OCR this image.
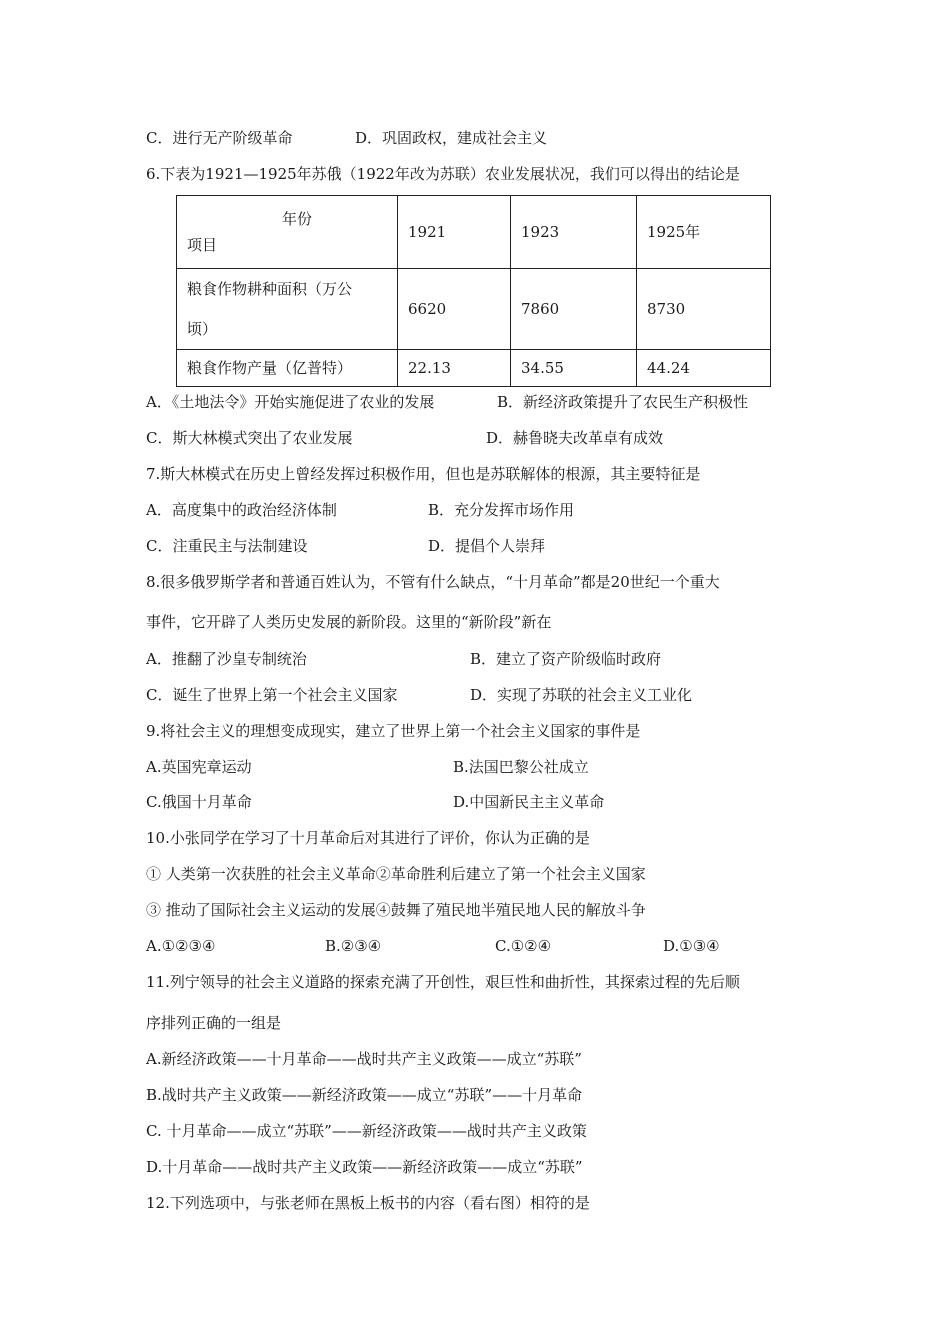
C．进行无产阶级革命	D．巩固政权，建成社会主义
6.下表为1921—1925年苏俄（1922年改为苏联）农业发展状况，我们可以得出的结论是
年份
项目	1921	1923	1925年

粮食作物耕种面积（万公
顷）	6620	7860	8730
粮食作物产量（亿普特）	22.13	34.55	44.24
A．《土地法令》开始实施促进了农业的发展	B．新经济政策提升了农民生产积极性
C．斯大林模式突出了农业发展	D．赫鲁晓夫改革卓有成效
7.斯大林模式在历史上曾经发挥过积极作用，但也是苏联解体的根源，其主要特征是
A．高度集中的政治经济体制	B．充分发挥市场作用
C．注重民主与法制建设	D．提倡个人崇拜
8.很多俄罗斯学者和普通百姓认为，不管有什么缺点，“十月革命”都是20世纪一个重大
事件，它开辟了人类历史发展的新阶段。这里的“新阶段”新在
A．推翻了沙皇专制统治	B．建立了资产阶级临时政府
C．诞生了世界上第一个社会主义国家	D．实现了苏联的社会主义工业化
9.将社会主义的理想变成现实，建立了世界上第一个社会主义国家的事件是
A.英国宪章运动	B.法国巴黎公社成立
C.俄国十月革命	D.中国新民主主义革命
10.小张同学在学习了十月革命后对其进行了评价，你认为正确的是
① 人类第一次获胜的社会主义革命②革命胜利后建立了第一个社会主义国家
③ 推动了国际社会主义运动的发展④鼓舞了殖民地半殖民地人民的解放斗争
A.①②③④	B.②③④	C.①②④	D.①③④
11.列宁领导的社会主义道路的探索充满了开创性，艰巨性和曲折性，其探索过程的先后顺
序排列正确的一组是
A.新经济政策——十月革命——战时共产主义政策——成立“苏联”
B.战时共产主义政策——新经济政策——成立“苏联”——十月革命
C. 十月革命——成立“苏联”——新经济政策——战时共产主义政策
D.十月革命——战时共产主义政策——新经济政策——成立“苏联”
12.下列选项中，与张老师在黑板上板书的内容（看右图）相符的是
